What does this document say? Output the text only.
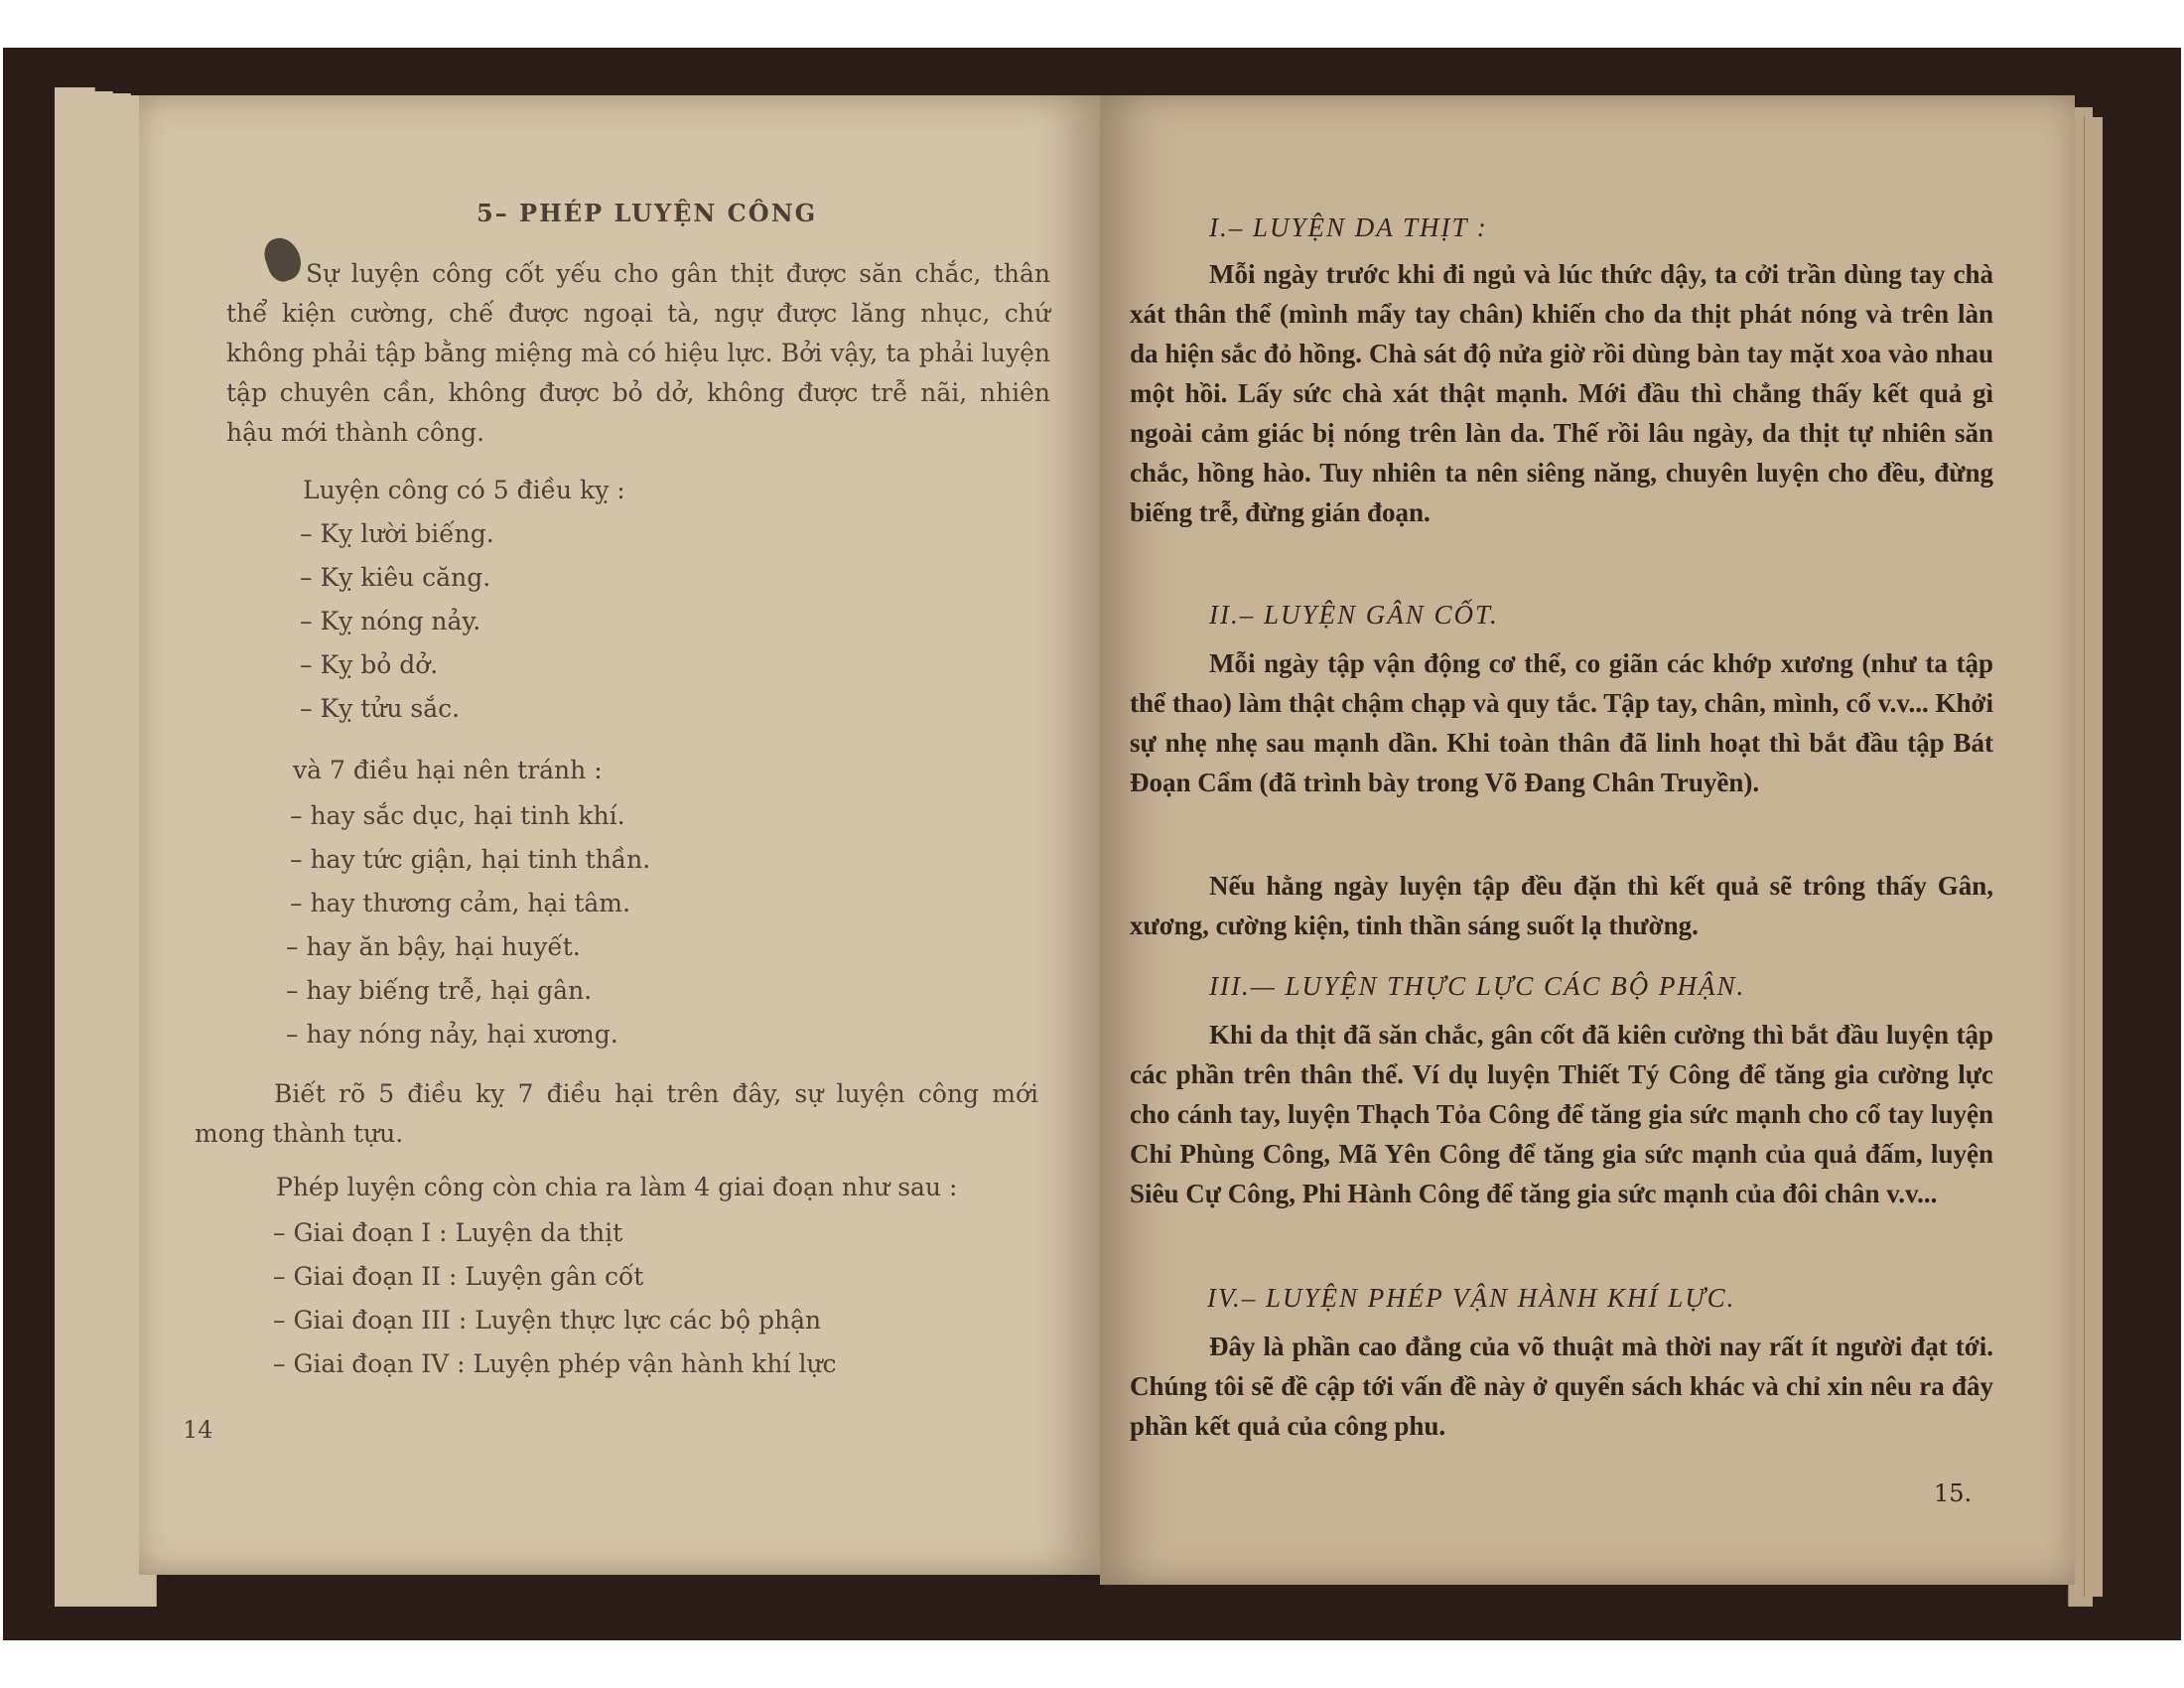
5– PHÉP LUYỆN CÔNG
Sự luyện công cốt yếu cho gân thịt được săn chắc, thân thể kiện cường, chế được ngoại tà, ngự được lăng nhục, chứ không phải tập bằng miệng mà có hiệu lực. Bởi vậy, ta phải luyện tập chuyên cần, không được bỏ dở, không được trễ nãi, nhiên hậu mới thành công.
Luyện công có 5 điều kỵ :
– Kỵ lười biếng.
– Kỵ kiêu căng.
– Kỵ nóng nảy.
– Kỵ bỏ dở.
– Kỵ tửu sắc.
và 7 điều hại nên tránh :
– hay sắc dục, hại tinh khí.
– hay tức giận, hại tinh thần.
– hay thương cảm, hại tâm.
– hay ăn bậy, hại huyết.
– hay biếng trễ, hại gân.
– hay nóng nảy, hại xương.
Biết rõ 5 điều kỵ 7 điều hại trên đây, sự luyện công mới mong thành tựu.
Phép luyện công còn chia ra làm 4 giai đoạn như sau :
– Giai đoạn I : Luyện da thịt
– Giai đoạn II : Luyện gân cốt
– Giai đoạn III : Luyện thực lực các bộ phận
– Giai đoạn IV : Luyện phép vận hành khí lực
14
I.– LUYỆN DA THỊT :
Mỗi ngày trước khi đi ngủ và lúc thức dậy, ta cởi trần dùng tay chà xát thân thể (mình mẩy tay chân) khiến cho da thịt phát nóng và trên làn da hiện sắc đỏ hồng. Chà sát độ nửa giờ rồi dùng bàn tay mặt xoa vào nhau một hồi. Lấy sức chà xát thật mạnh. Mới đầu thì chẳng thấy kết quả gì ngoài cảm giác bị nóng trên làn da. Thế rồi lâu ngày, da thịt tự nhiên săn chắc, hồng hào. Tuy nhiên ta nên siêng năng, chuyên luyện cho đều, đừng biếng trễ, đừng gián đoạn.
II.– LUYỆN GÂN CỐT.
Mỗi ngày tập vận động cơ thể, co giãn các khớp xương (như ta tập thể thao) làm thật chậm chạp và quy tắc. Tập tay, chân, mình, cổ v.v... Khởi sự nhẹ nhẹ sau mạnh dần. Khi toàn thân đã linh hoạt thì bắt đầu tập Bát Đoạn Cẩm (đã trình bày trong Võ Đang Chân Truyền).
Nếu hằng ngày luyện tập đều đặn thì kết quả sẽ trông thấy Gân, xương, cường kiện, tinh thần sáng suốt lạ thường.
III.— LUYỆN THỰC LỰC CÁC BỘ PHẬN.
Khi da thịt đã săn chắc, gân cốt đã kiên cường thì bắt đầu luyện tập các phần trên thân thể. Ví dụ luyện Thiết Tý Công để tăng gia cường lực cho cánh tay, luyện Thạch Tỏa Công để tăng gia sức mạnh cho cổ tay luyện Chỉ Phùng Công, Mã Yên Công để tăng gia sức mạnh của quả đấm, luyện Siêu Cự Công, Phi Hành Công để tăng gia sức mạnh của đôi chân v.v...
IV.– LUYỆN PHÉP VẬN HÀNH KHÍ LỰC.
Đây là phần cao đẳng của võ thuật mà thời nay rất ít người đạt tới. Chúng tôi sẽ đề cập tới vấn đề này ở quyển sách khác và chỉ xin nêu ra đây phần kết quả của công phu.
15.
